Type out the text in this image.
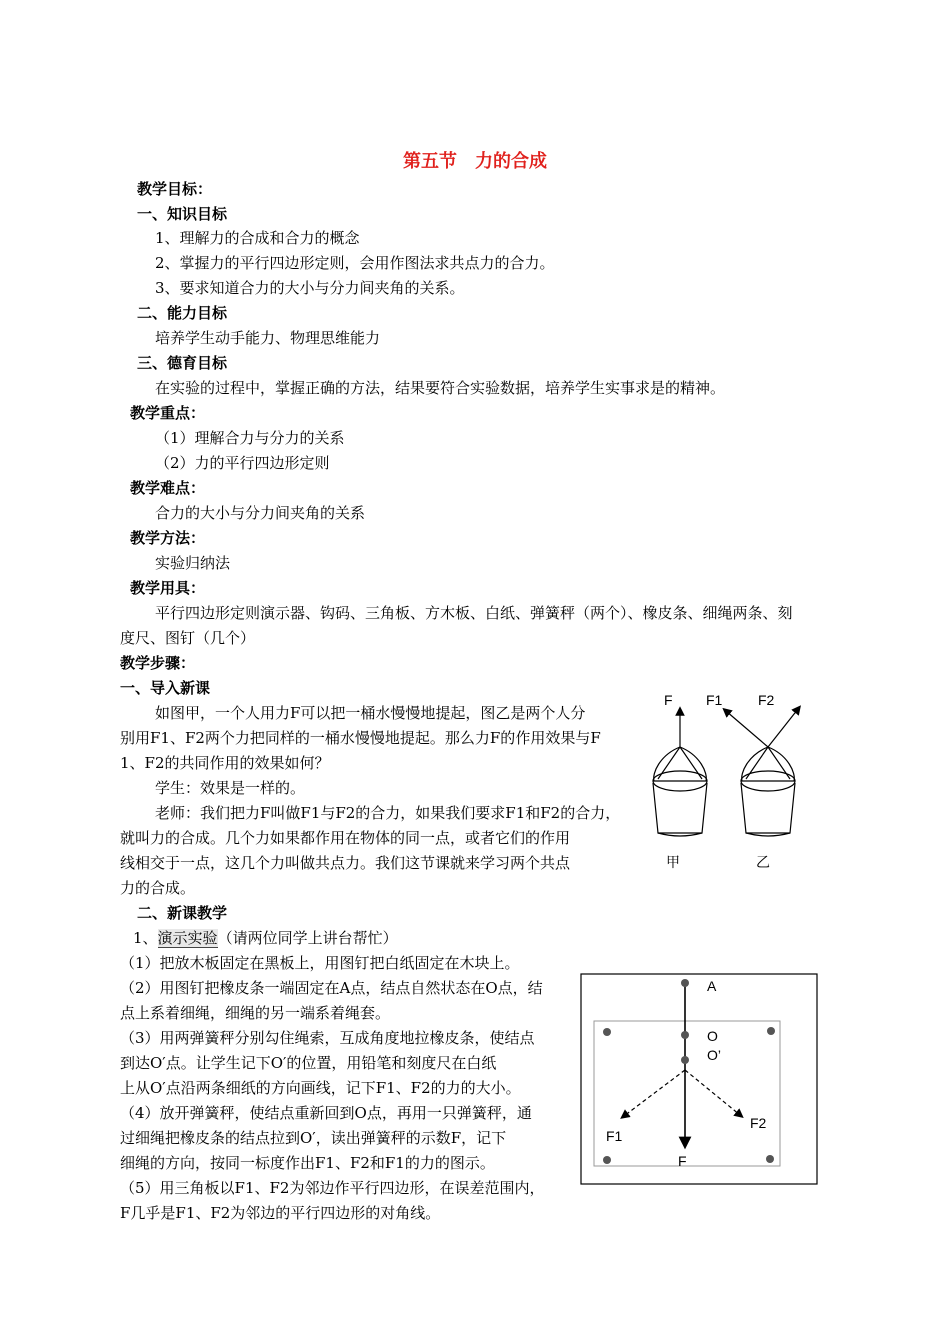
第五节　力的合成
教学目标：
一、知识目标
1、理解力的合成和合力的概念
2、掌握力的平行四边形定则，会用作图法求共点力的合力。
3、要求知道合力的大小与分力间夹角的关系。
二、能力目标
培养学生动手能力、物理思维能力
三、德育目标
在实验的过程中，掌握正确的方法，结果要符合实验数据，培养学生实事求是的精神。
教学重点：
（1）理解合力与分力的关系
（2）力的平行四边形定则
教学难点：
合力的大小与分力间夹角的关系
教学方法：
实验归纳法
教学用具：
平行四边形定则演示器、钩码、三角板、方木板、白纸、弹簧秤（两个）、橡皮条、细绳两条、刻
度尺、图钉（几个）
教学步骤：
一、导入新课
如图甲，一个人用力F可以把一桶水慢慢地提起，图乙是两个人分
别用F1、F2两个力把同样的一桶水慢慢地提起。那么力F的作用效果与F
1、F2的共同作用的效果如何？
学生：效果是一样的。
老师：我们把力F叫做F1与F2的合力，如果我们要求F1和F2的合力，
就叫力的合成。几个力如果都作用在物体的同一点，或者它们的作用
线相交于一点，这几个力叫做共点力。我们这节课就来学习两个共点
力的合成。
F F1	F2
甲	乙
二、新课教学
1、演示实验（请两位同学上讲台帮忙）
（1）把放木板固定在黑板上，用图钉把白纸固定在木块上。
（2）用图钉把橡皮条一端固定在A点，结点自然状态在O点，结
点上系着细绳，细绳的另一端系着绳套。
（3）用两弹簧秤分别勾住绳索，互成角度地拉橡皮条，使结点
到达O′点。让学生记下O′的位置，用铅笔和刻度尺在白纸
上从O′点沿两条细纸的方向画线，记下F1、F2的力的大小。
（4）放开弹簧秤，使结点重新回到O点，再用一只弹簧秤，通
过细绳把橡皮条的结点拉到O′，读出弹簧秤的示数F，记下
细绳的方向，按同一标度作出F1、F2和F1的力的图示。
（5）用三角板以F1、F2为邻边作平行四边形，在误差范围内，
F几乎是F1、F2为邻边的平行四边形的对角线。
A
O
O’
F1
F2
F
